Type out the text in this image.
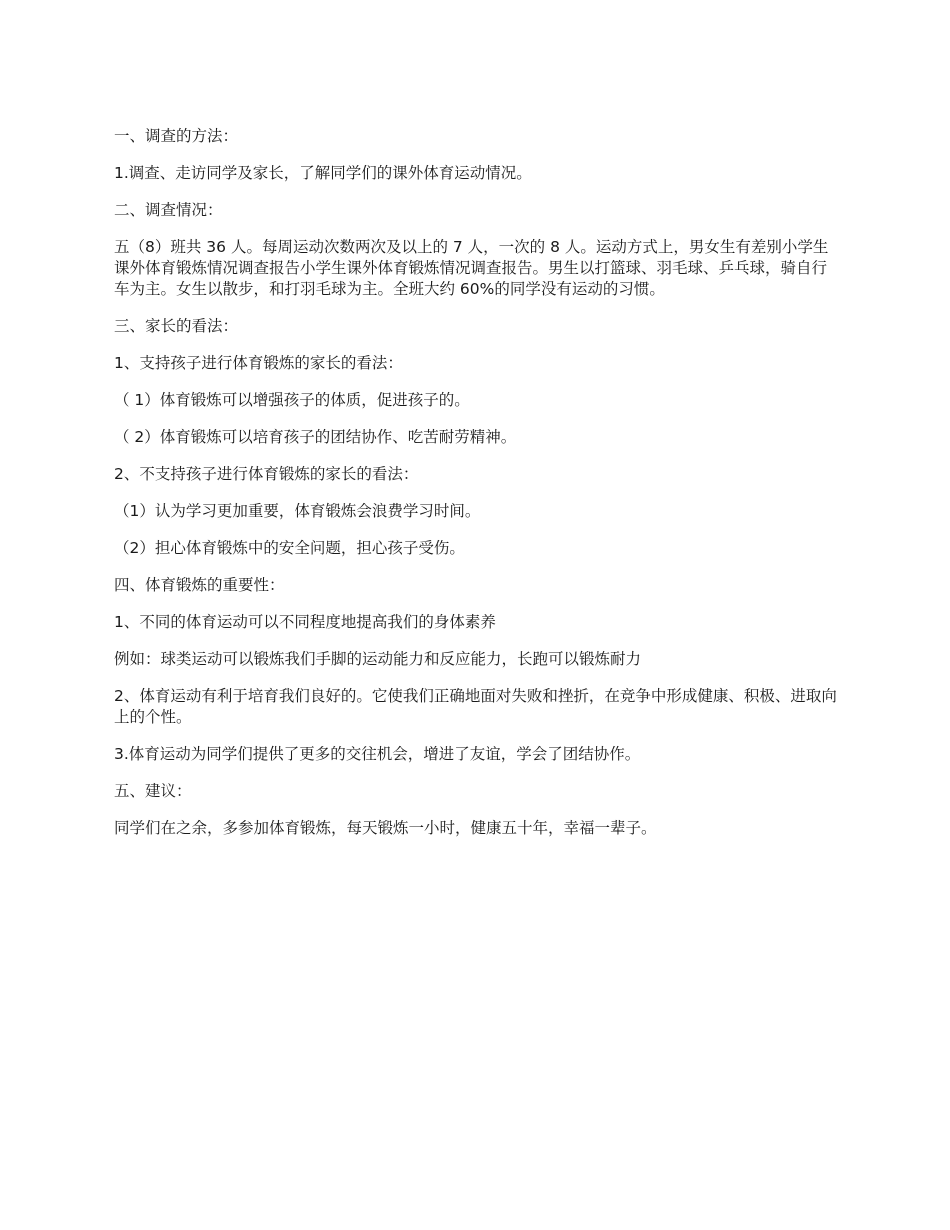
一、调查的方法：

1.调查、走访同学及家长，了解同学们的课外体育运动情况。

二、调查情况：

五（8）班共 36 人。每周运动次数两次及以上的 7 人，一次的 8 人。运动方式上，男女生有差别小学生课外体育锻炼情况调查报告小学生课外体育锻炼情况调查报告。男生以打篮球、羽毛球、乒乓球，骑自行车为主。女生以散步，和打羽毛球为主。全班大约 60%的同学没有运动的习惯。

三、家长的看法：

1、支持孩子进行体育锻炼的家长的看法：

（ 1）体育锻炼可以增强孩子的体质，促进孩子的。

（ 2）体育锻炼可以培育孩子的团结协作、吃苦耐劳精神。

2、不支持孩子进行体育锻炼的家长的看法：

（1）认为学习更加重要，体育锻炼会浪费学习时间。

（2）担心体育锻炼中的安全问题，担心孩子受伤。

四、体育锻炼的重要性：

1、不同的体育运动可以不同程度地提高我们的身体素养

例如：球类运动可以锻炼我们手脚的运动能力和反应能力，长跑可以锻炼耐力

2、体育运动有利于培育我们良好的。它使我们正确地面对失败和挫折，在竞争中形成健康、积极、进取向上的个性。

3.体育运动为同学们提供了更多的交往机会，增进了友谊，学会了团结协作。

五、建议：

同学们在之余，多参加体育锻炼，每天锻炼一小时，健康五十年，幸福一辈子。
